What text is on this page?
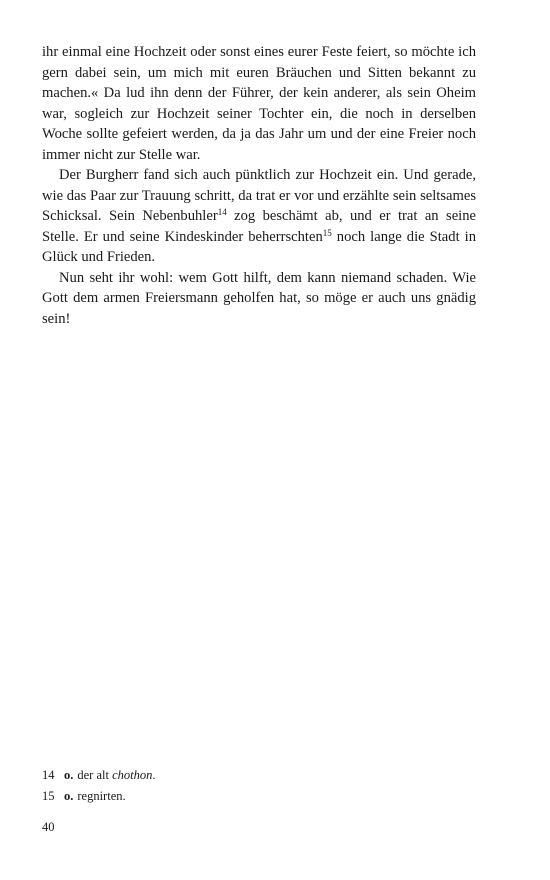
ihr einmal eine Hochzeit oder sonst eines eurer Feste feiert, so möchte ich gern dabei sein, um mich mit euren Bräuchen und Sitten bekannt zu machen.« Da lud ihn denn der Führer, der kein anderer, als sein Oheim war, sogleich zur Hochzeit seiner Tochter ein, die noch in derselben Woche sollte gefeiert werden, da ja das Jahr um und der eine Freier noch immer nicht zur Stelle war.

Der Burgherr fand sich auch pünktlich zur Hochzeit ein. Und gerade, wie das Paar zur Trauung schritt, da trat er vor und erzählte sein seltsames Schicksal. Sein Nebenbuhler$^{14}$ zog beschämt ab, und er trat an seine Stelle. Er und seine Kindeskinder beherrschten$^{15}$ noch lange die Stadt in Glück und Frieden.

Nun seht ihr wohl: wem Gott hilft, dem kann niemand schaden. Wie Gott dem armen Freiersmann geholfen hat, so möge er auch uns gnädig sein!

14 o. der alt chothon.
15 o. regnirten.
40
